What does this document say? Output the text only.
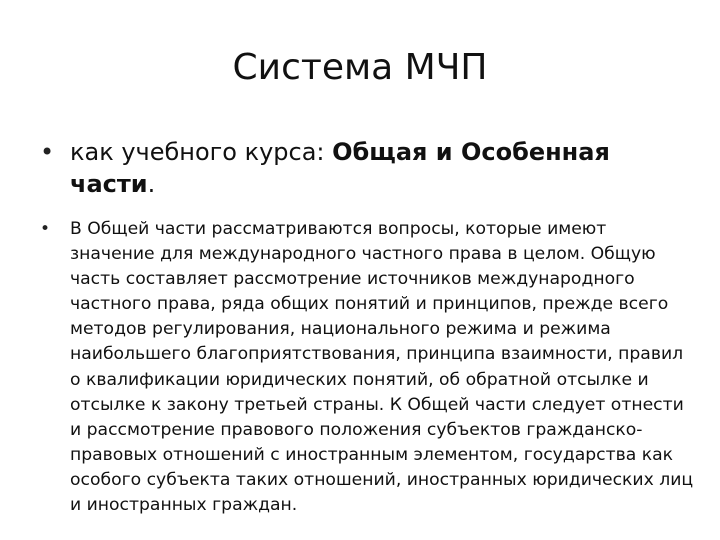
Система МЧП
• как учебного курса: Общая и Особенная части.
• В Общей части рассматриваются вопросы, которые имеют значение для международного частного права в целом. Общую часть составляет рассмотрение источников международного частного права, ряда общих понятий и принципов, прежде всего методов регулирования, национального режима и режима наибольшего благоприятствования, принципа взаимности, правил о квалификации юридических понятий, об обратной отсылке и отсылке к закону третьей страны. К Общей части следует отнести и рассмотрение правового положения субъектов гражданско-правовых отношений с иностранным элементом, государства как особого субъекта таких отношений, иностранных юридических лиц и иностранных граждан.
